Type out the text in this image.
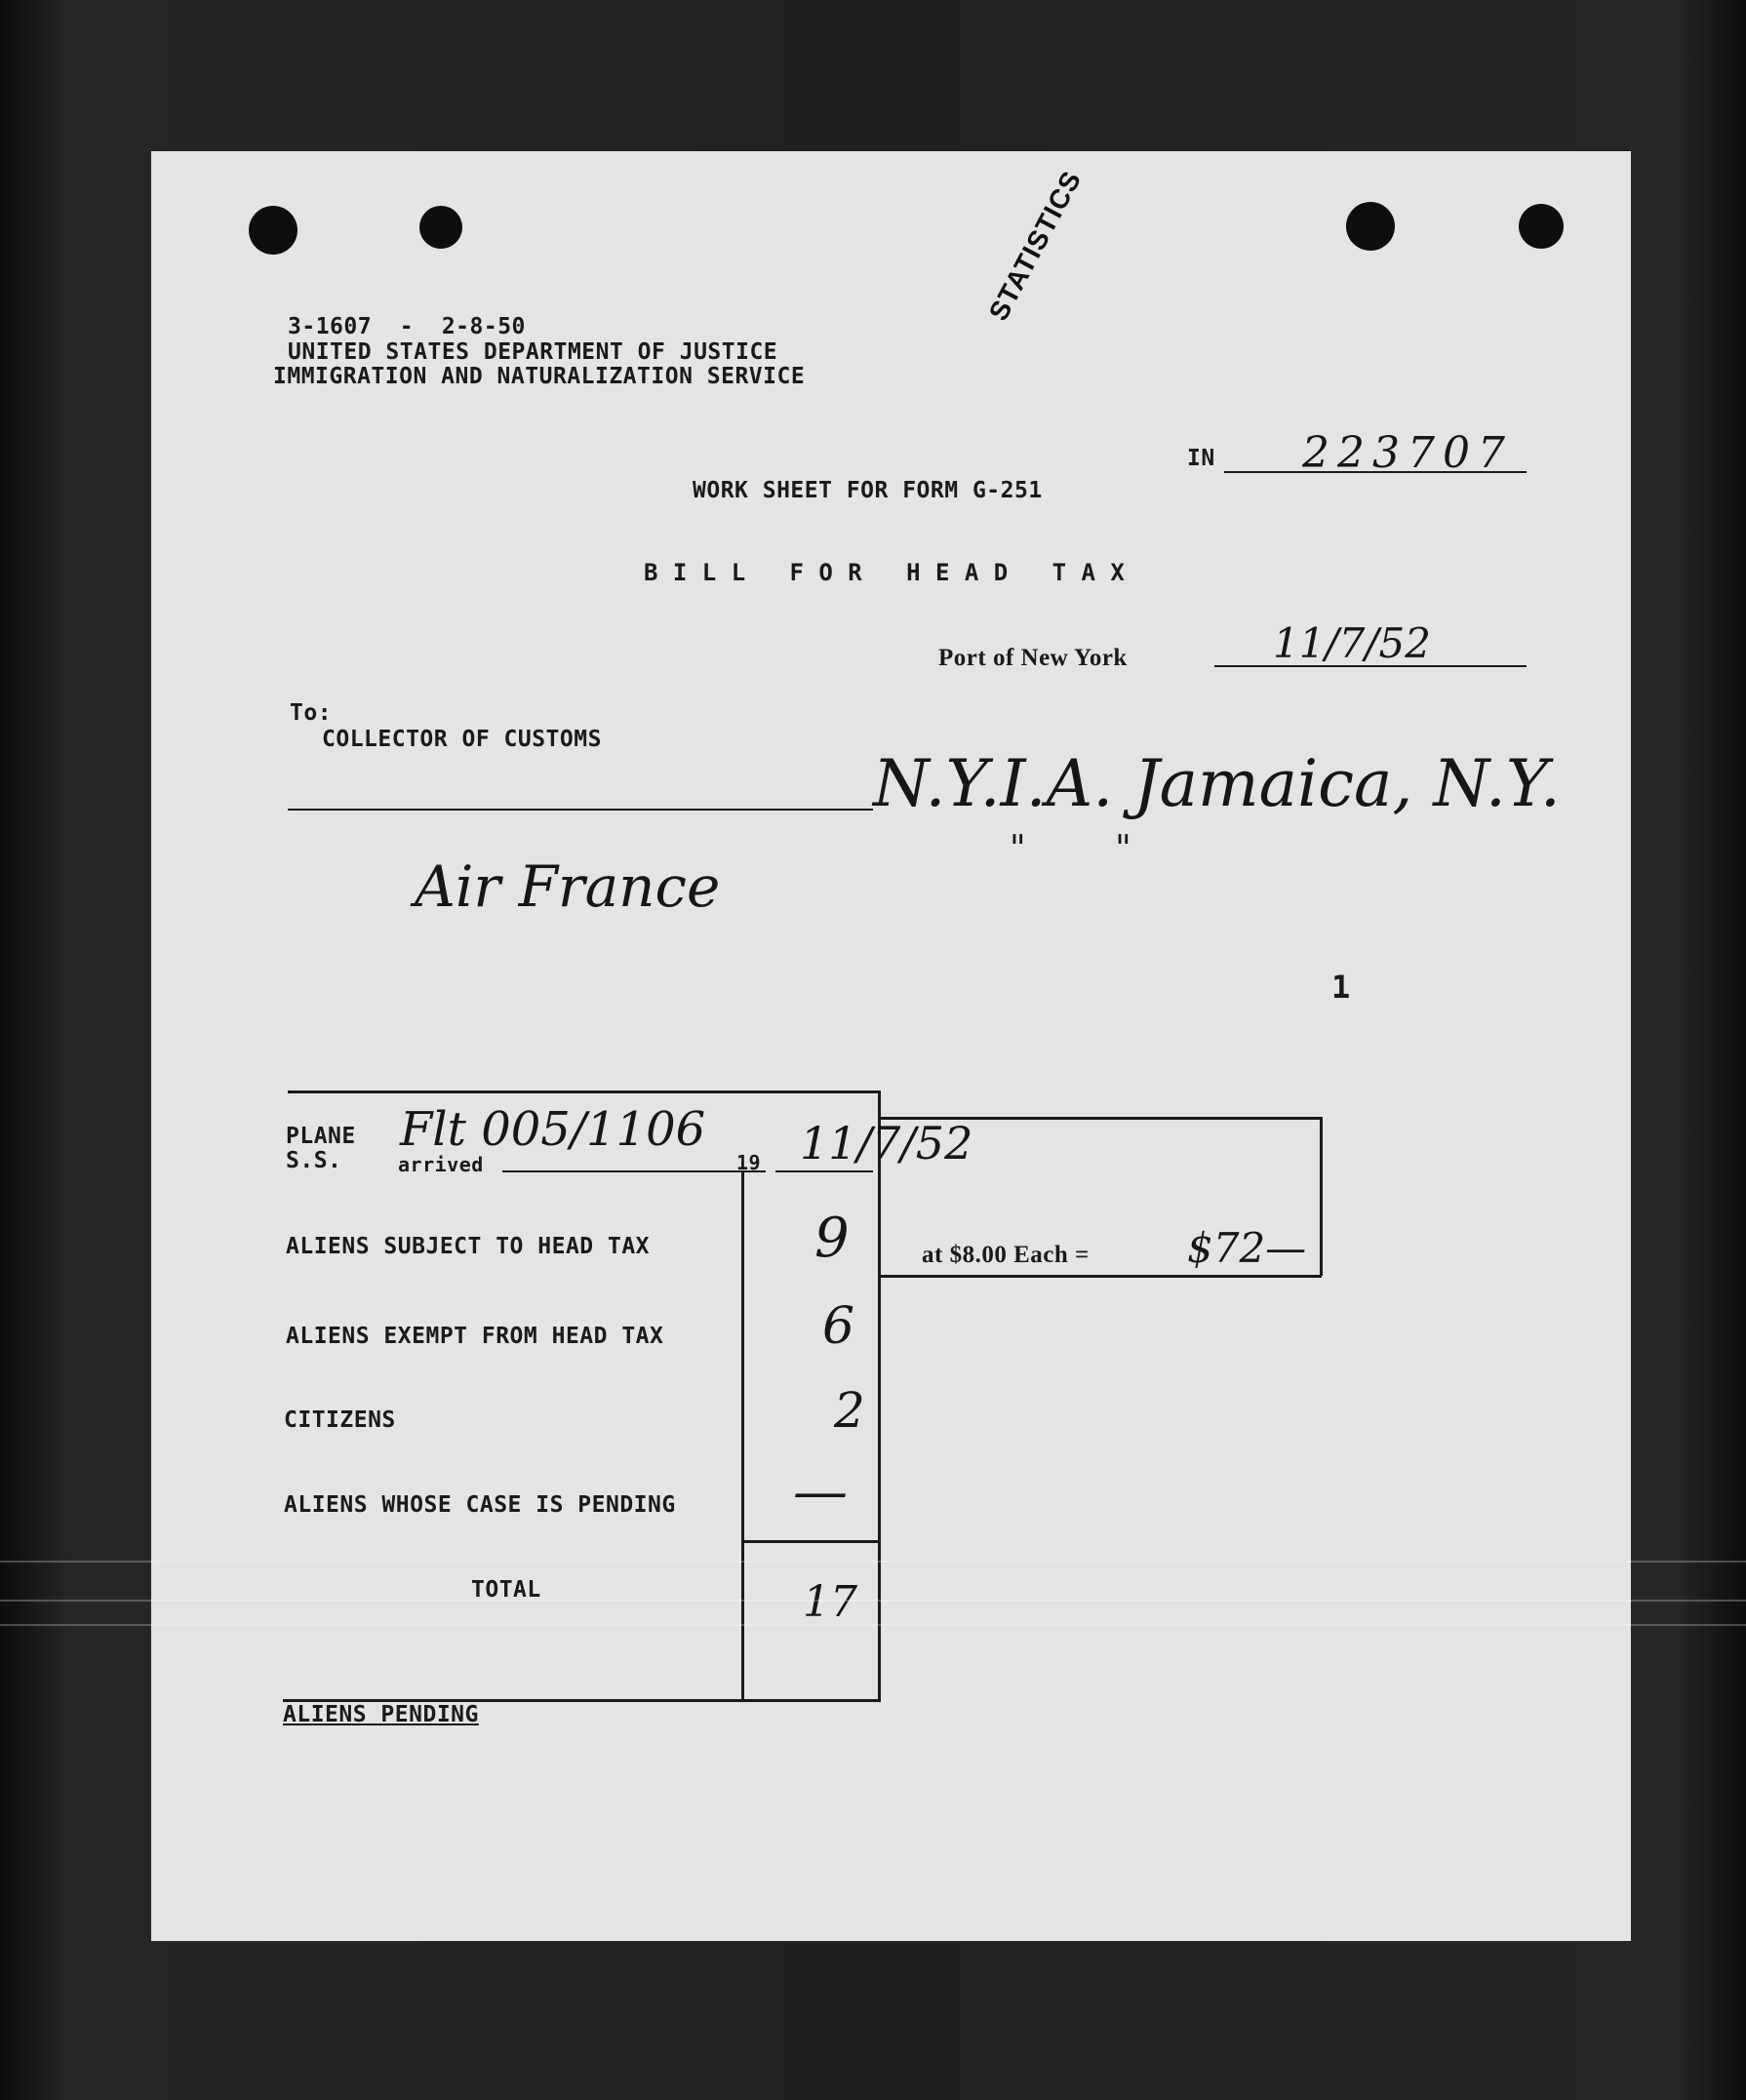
3-1607  -  2-8-50
UNITED STATES DEPARTMENT OF JUSTICE
IMMIGRATION AND NATURALIZATION SERVICE
STATISTICS
IN 223707
WORK SHEET FOR FORM G-251
B I L L   F O R   H E A D   T A X
Port of New York	11/7/52
To:
COLLECTOR OF CUSTOMS
N.Y.I.A. Jamaica, N.Y.
"        "
Air France
1
PLANE
S.S.	arrived
Flt 005/1106
19 11/7/52
ALIENS SUBJECT TO HEAD TAX	9
ALIENS EXEMPT FROM HEAD TAX	6
CITIZENS	2
ALIENS WHOSE CASE IS PENDING —
TOTAL	17
at $8.00 Each = $72—
ALIENS PENDING
